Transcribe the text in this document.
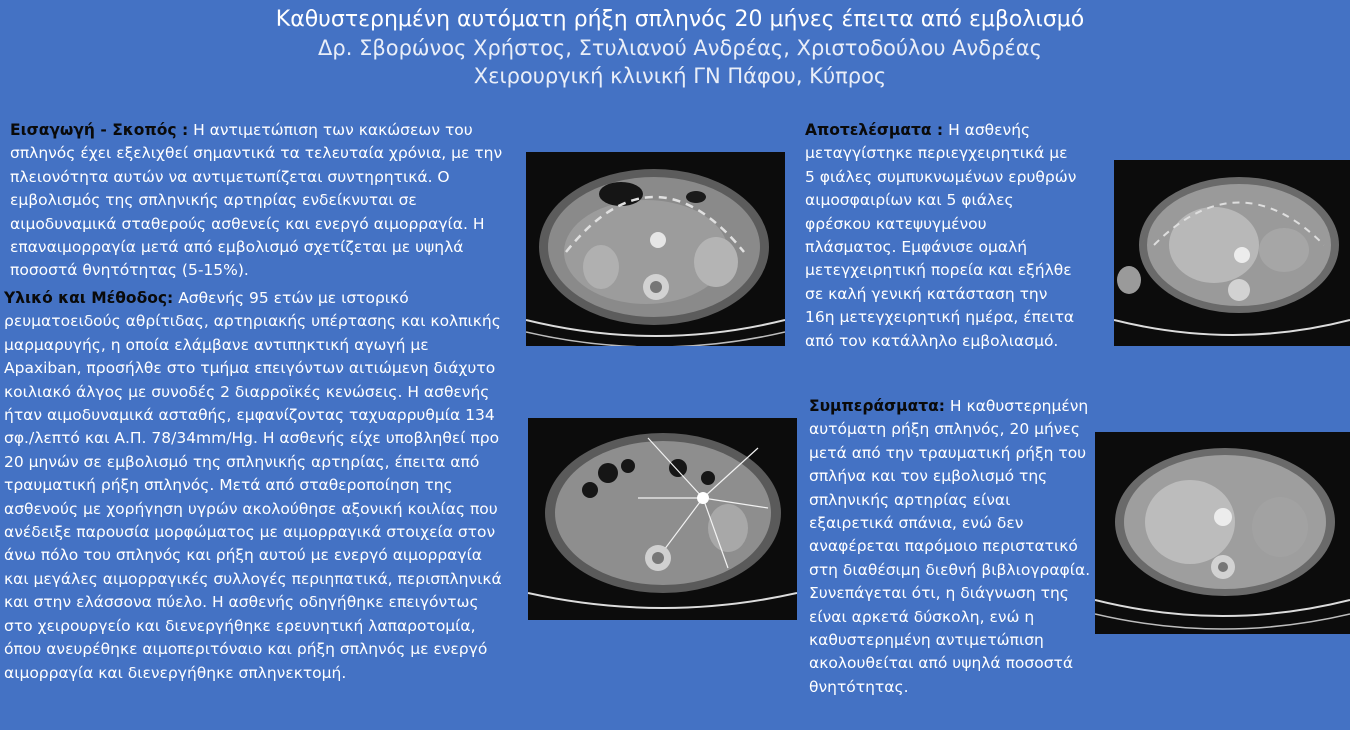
Καθυστερημένη αυτόματη ρήξη σπληνός 20 μήνες έπειτα από εμβολισμό
Δρ. Σβορώνος Χρήστος, Στυλιανού Ανδρέας, Χριστοδούλου Ανδρέας
Χειρουργική κλινική ΓΝ Πάφου, Κύπρος
Εισαγωγή - Σκοπός : Η αντιμετώπιση των κακώσεων του σπληνός έχει εξελιχθεί σημαντικά τα τελευταία χρόνια, με την πλειονότητα αυτών να αντιμετωπίζεται συντηρητικά. Ο εμβολισμός της σπληνικής αρτηρίας ενδείκνυται σε αιμοδυναμικά σταθερούς ασθενείς και ενεργό αιμορραγία. Η επαναιμορραγία μετά από εμβολισμό σχετίζεται με υψηλά ποσοστά θνητότητας (5-15%).
Υλικό και Μέθοδος: Ασθενής 95 ετών με ιστορικό ρευματοειδούς αθρίτιδας, αρτηριακής υπέρτασης και κολπικής μαρμαρυγής, η οποία ελάμβανε αντιπηκτική αγωγή με Apaxiban, προσήλθε στο τμήμα επειγόντων αιτιώμενη διάχυτο κοιλιακό άλγος με συνοδές 2 διαρροϊκές κενώσεις. Η ασθενής ήταν αιμοδυναμικά ασταθής, εμφανίζοντας ταχυαρρυθμία 134 σφ./λεπτό και Α.Π. 78/34mm/Hg. Η ασθενής είχε υποβληθεί προ 20 μηνών σε εμβολισμό της σπληνικής αρτηρίας, έπειτα από τραυματική ρήξη σπληνός. Μετά από σταθεροποίηση της ασθενούς με χορήγηση υγρών ακολούθησε αξονική κοιλίας που ανέδειξε παρουσία μορφώματος με αιμορραγικά στοιχεία στον άνω πόλο του σπληνός και ρήξη αυτού με ενεργό αιμορραγία και μεγάλες αιμορραγικές συλλογές περιηπατικά, περισπληνικά και στην ελάσσονα πύελο. Η ασθενής οδηγήθηκε επειγόντως στο χειρουργείο και διενεργήθηκε ερευνητική λαπαροτομία, όπου ανευρέθηκε αιμοπεριτόναιο και ρήξη σπληνός με ενεργό αιμορραγία και διενεργήθηκε σπληνεκτομή.
Αποτελέσματα : Η ασθενής μεταγγίστηκε περιεγχειρητικά με 5 φιάλες συμπυκνωμένων ερυθρών αιμοσφαιρίων και 5 φιάλες φρέσκου κατεψυγμένου πλάσματος. Εμφάνισε ομαλή μετεγχειρητική πορεία και εξήλθε σε καλή γενική κατάσταση την 16η μετεγχειρητική ημέρα, έπειτα από τον κατάλληλο εμβολιασμό.
Συμπεράσματα: Η καθυστερημένη αυτόματη ρήξη σπληνός, 20 μήνες μετά από την τραυματική ρήξη του σπλήνα και τον εμβολισμό της σπληνικής αρτηρίας είναι εξαιρετικά σπάνια, ενώ δεν αναφέρεται παρόμοιο περιστατικό στη διαθέσιμη διεθνή βιβλιογραφία. Συνεπάγεται ότι, η διάγνωση της είναι αρκετά δύσκολη, ενώ η καθυστερημένη αντιμετώπιση ακολουθείται από υψηλά ποσοστά θνητότητας.
